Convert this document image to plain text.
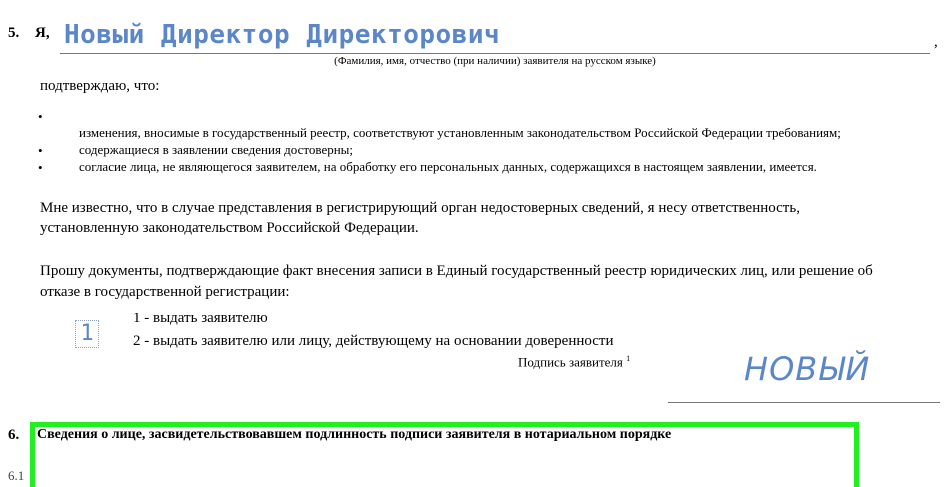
5. Я, Новый Директор Директорович	,
(Фамилия, имя, отчество (при наличии) заявителя на русском языке)
подтверждаю, что:
•
изменения, вносимые в государственный реестр, соответствуют установленным законодательством Российской Федерации требованиям;
•	содержащиеся в заявлении сведения достоверны;
•	согласие лица, не являющегося заявителем, на обработку его персональных данных, содержащихся в настоящем заявлении, имеется.
Мне известно, что в случае представления в регистрирующий орган недостоверных сведений, я несу ответственность,
установленную законодательством Российской Федерации.
Прошу документы, подтверждающие факт внесения записи в Единый государственный реестр юридических лиц, или решение об
отказе в государственной регистрации:
1
1 - выдать заявителю
2 - выдать заявителю или лицу, действующему на основании доверенности
Подпись заявителя $^1$	НОВЫЙ
6. Сведения о лице, засвидетельствовавшем подлинность подписи заявителя в нотариальном порядке
6.1
